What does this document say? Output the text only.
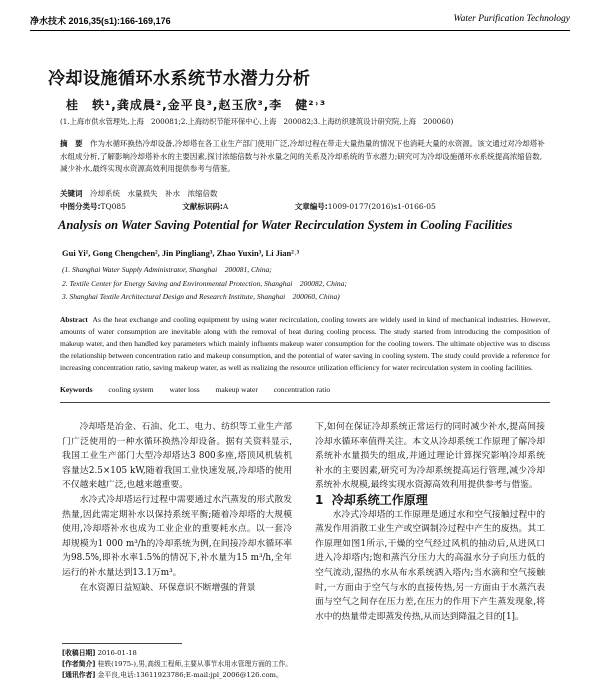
净水技术 2016,35(s1):166-169,176	Water Purification Technology
冷却设施循环水系统节水潜力分析
桂　轶¹,龚成晨²,金平良³,赵玉欣³,李　健²˒³
(1.上海市供水管理处,上海　200081;2.上海纺织节能环保中心,上海　200082;3.上海纺织建筑设计研究院,上海　200060)
摘　要　作为水循环换热冷却设备,冷却塔在各工业生产部门使用广泛,冷却过程在带走大量热量的情况下也消耗大量的水资源。该文通过对冷却塔补水组成分析,了解影响冷却塔补水的主要因素,探讨浓缩倍数与补水量之间的关系及冷却系统的节水潜力;研究可为冷却设施循环水系统提高浓缩倍数,减少补水,最终实现水资源高效利用提供参考与借鉴。
关键词　冷却系统　水量损失　补水　浓缩倍数
中图分类号:TQ085	文献标识码:A	文章编号:1009-0177(2016)s1-0166-05
Analysis on Water Saving Potential for Water Recirculation System in Cooling Facilities
Gui Yi¹, Gong Chengchen², Jin Pingliang³, Zhao Yuxin³, Li Jian²˒³
(1. Shanghai Water Supply Administrator, Shanghai　200081, China;
2. Textile Center for Energy Saving and Environmental Protection, Shanghai　200082, China;
3. Shanghai Textile Architectural Design and Research Institute, Shanghai　200060, China)
Abstract As the heat exchange and cooling equipment by using water recirculation, cooling towers are widely used in kind of mechanical industries. However, amounts of water consumption are inevitable along with the removal of heat during cooling process. The study started from introducing the composition of makeup water, and then handled key parameters which mainly influents makeup water consumption for the cooling towers. The ultimate objective was to discuss the relationship between concentration ratio and makeup consumption, and the potential of water saving in cooling system. The study could provide a reference for increasing concentration ratio, saving makeup water, as well as realizing the resource utilization efficiency for water recirculation system in cooling facilities.
Keywords cooling system water loss makeup water concentration ratio

冷却塔是冶金、石油、化工、电力、纺织等工业生产部门广泛使用的一种水循环换热冷却设备。据有关资料显示,我国工业生产部门大型冷却塔达3 800多座,塔顶风机装机容量达2.5×105 kW,随着我国工业快速发展,冷却塔的使用不仅越来越广泛,也越来越重要。

水冷式冷却塔运行过程中需要通过水汽蒸发的形式散发热量,因此需定期补水以保持系统平衡;随着冷却塔的大规模使用,冷却塔补水也成为工业企业的重要耗水点。以一套冷却规模为1 000 m³/h的冷却系统为例,在间接冷却水循环率为98.5%,即补水率1.5%的情况下,补水量为15 m³/h,全年运行的补水量达到13.1万m³。

在水资源日益短缺、环保意识不断增强的背景

下,如何在保证冷却系统正常运行的同时减少补水,提高间接冷却水循环率值得关注。本文从冷却系统工作原理了解冷却系统补水量损失的组成,并通过理论计算探究影响冷却系统补水的主要因素,研究可为冷却系统提高运行管理,减少冷却系统补水规模,最终实现水资源高效利用提供参考与借鉴。

1 冷却系统工作原理

水冷式冷却塔的工作原理是通过水和空气接触过程中的蒸发作用消散工业生产或空调制冷过程中产生的废热。其工作原理如图1所示,干燥的空气经过风机的抽动后,从进风口进入冷却塔内;饱和蒸汽分压力大的高温水分子向压力低的空气流动,湿热的水从布水系统洒入塔内;当水滴和空气接触时,一方面由于空气与水的直接传热,另一方面由于水蒸汽表面与空气之间存在压力差,在压力的作用下产生蒸发现象,将水中的热量带走即蒸发传热,从而达到降温之目的[1]。

[收稿日期] 2016-01-18
[作者简介] 桂轶(1975-),男,高级工程师,主要从事节水用水管理方面的工作。
[通讯作者] 金平良,电话:13611923786;E-mail:jpl_2006@126.com。
